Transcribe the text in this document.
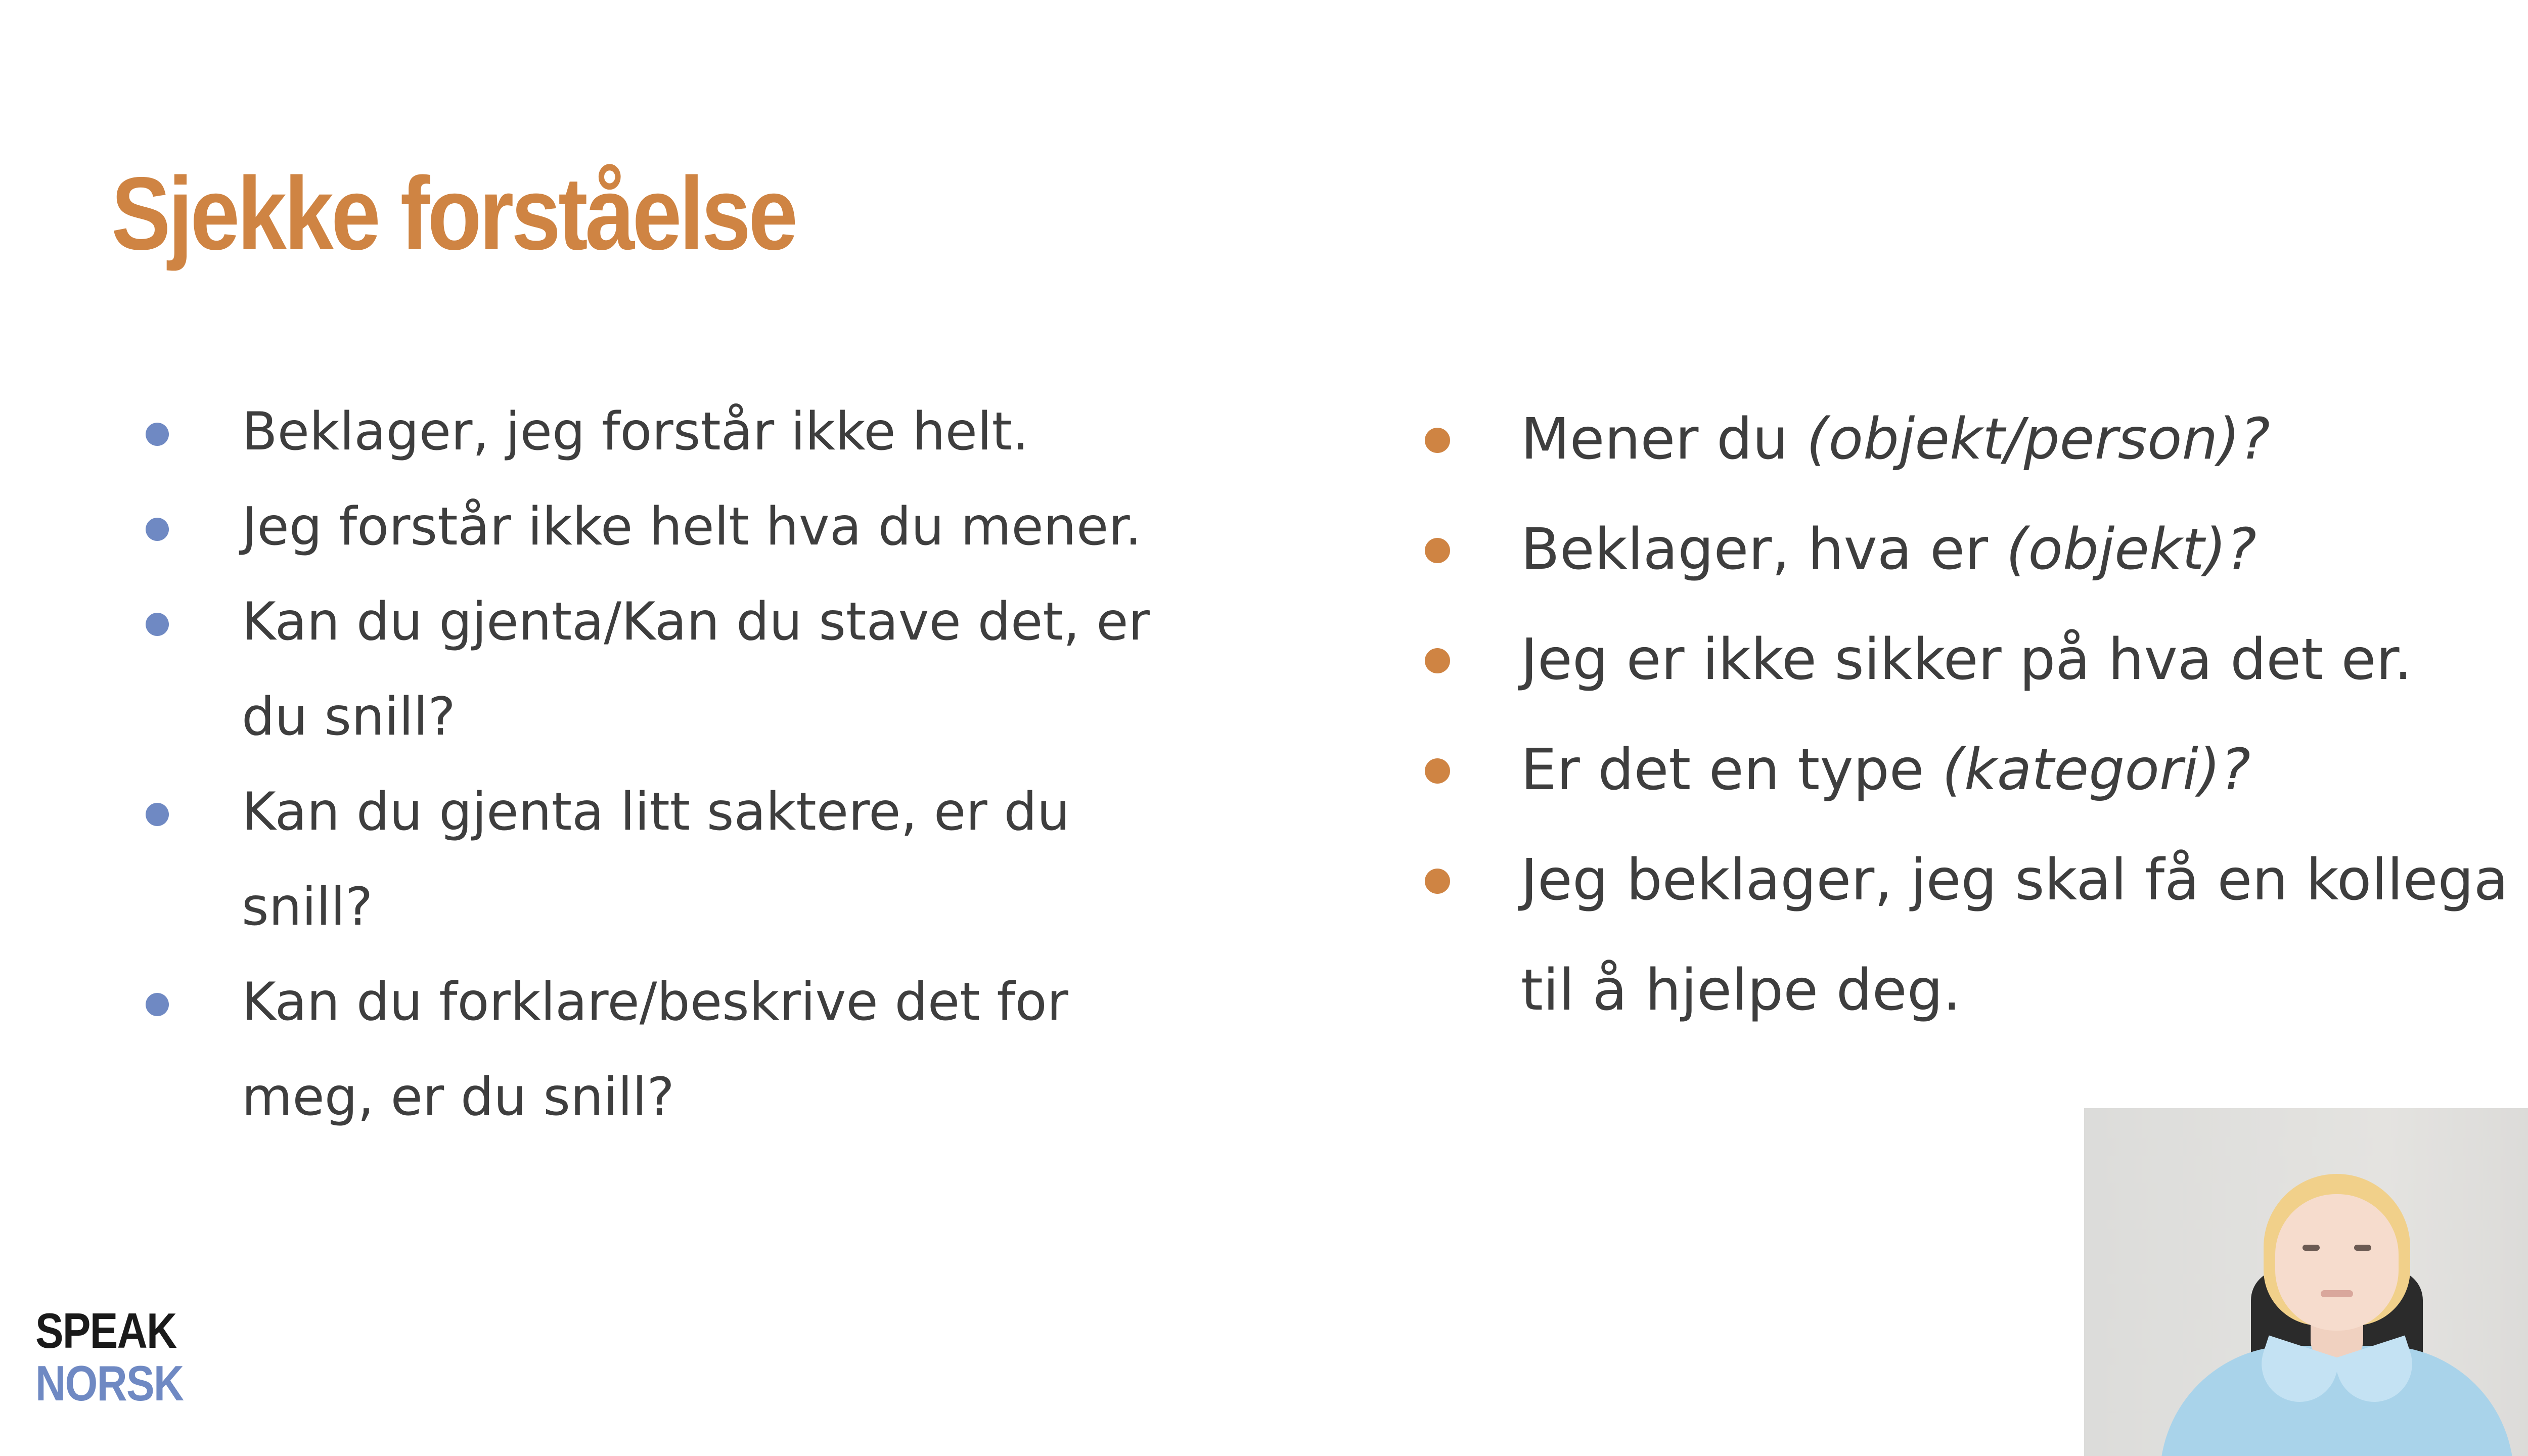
Sjekke forståelse
Beklager, jeg forstår ikke helt.
Jeg forstår ikke helt hva du mener.
Kan du gjenta/Kan du stave det, er du snill?
Kan du gjenta litt saktere, er du snill?
Kan du forklare/beskrive det for meg, er du snill?
Mener du (objekt/person)?
Beklager, hva er (objekt)?
Jeg er ikke sikker på hva det er.
Er det en type (kategori)?
Jeg beklager, jeg skal få en kollega til å hjelpe deg.
SPEAK
NORSK
